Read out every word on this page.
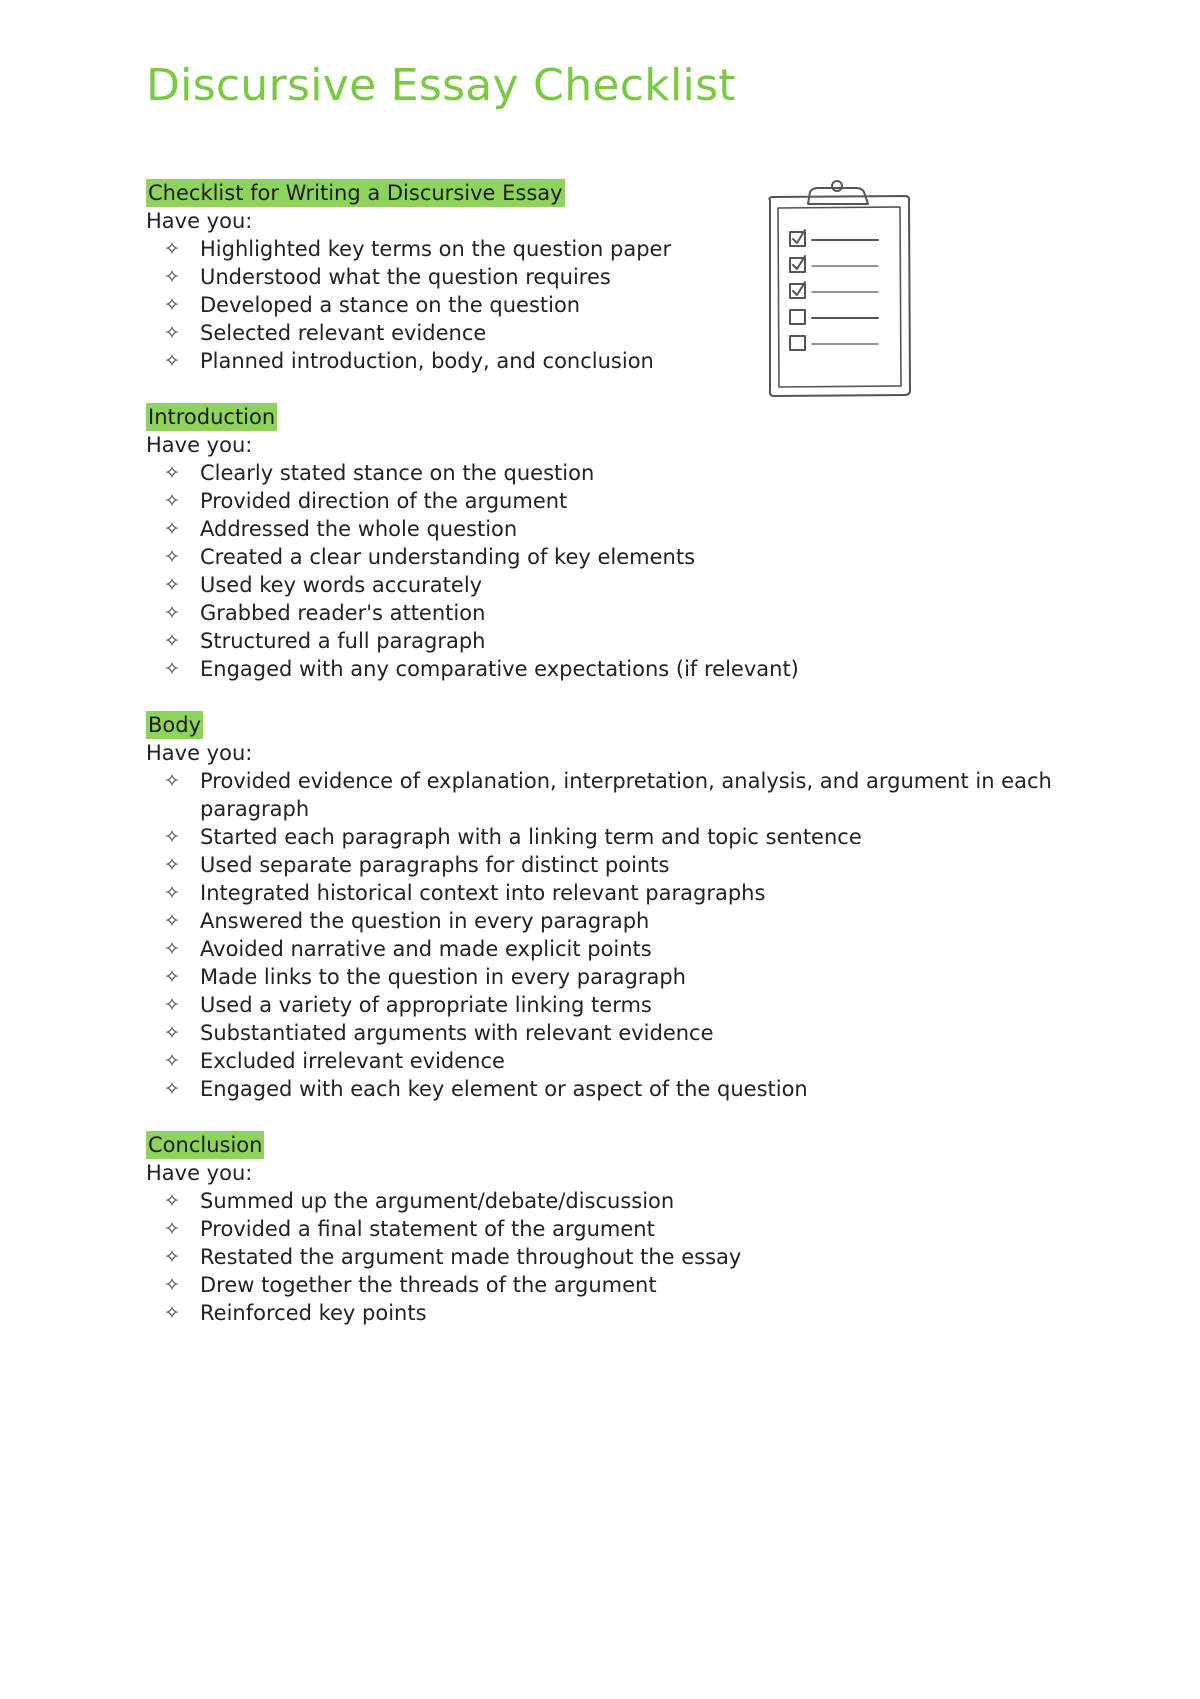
Discursive Essay Checklist
Checklist for Writing a Discursive Essay
Have you:
✧ Highlighted key terms on the question paper
✧ Understood what the question requires
✧ Developed a stance on the question
✧ Selected relevant evidence
✧ Planned introduction, body, and conclusion
Introduction
Have you:
✧ Clearly stated stance on the question
✧ Provided direction of the argument
✧ Addressed the whole question
✧ Created a clear understanding of key elements
✧ Used key words accurately
✧ Grabbed reader's attention
✧ Structured a full paragraph
✧ Engaged with any comparative expectations (if relevant)
Body
Have you:
✧ Provided evidence of explanation, interpretation, analysis, and argument in each paragraph
✧ Started each paragraph with a linking term and topic sentence
✧ Used separate paragraphs for distinct points
✧ Integrated historical context into relevant paragraphs
✧ Answered the question in every paragraph
✧ Avoided narrative and made explicit points
✧ Made links to the question in every paragraph
✧ Used a variety of appropriate linking terms
✧ Substantiated arguments with relevant evidence
✧ Excluded irrelevant evidence
✧ Engaged with each key element or aspect of the question
Conclusion
Have you:
✧ Summed up the argument/debate/discussion
✧ Provided a final statement of the argument
✧ Restated the argument made throughout the essay
✧ Drew together the threads of the argument
✧ Reinforced key points
